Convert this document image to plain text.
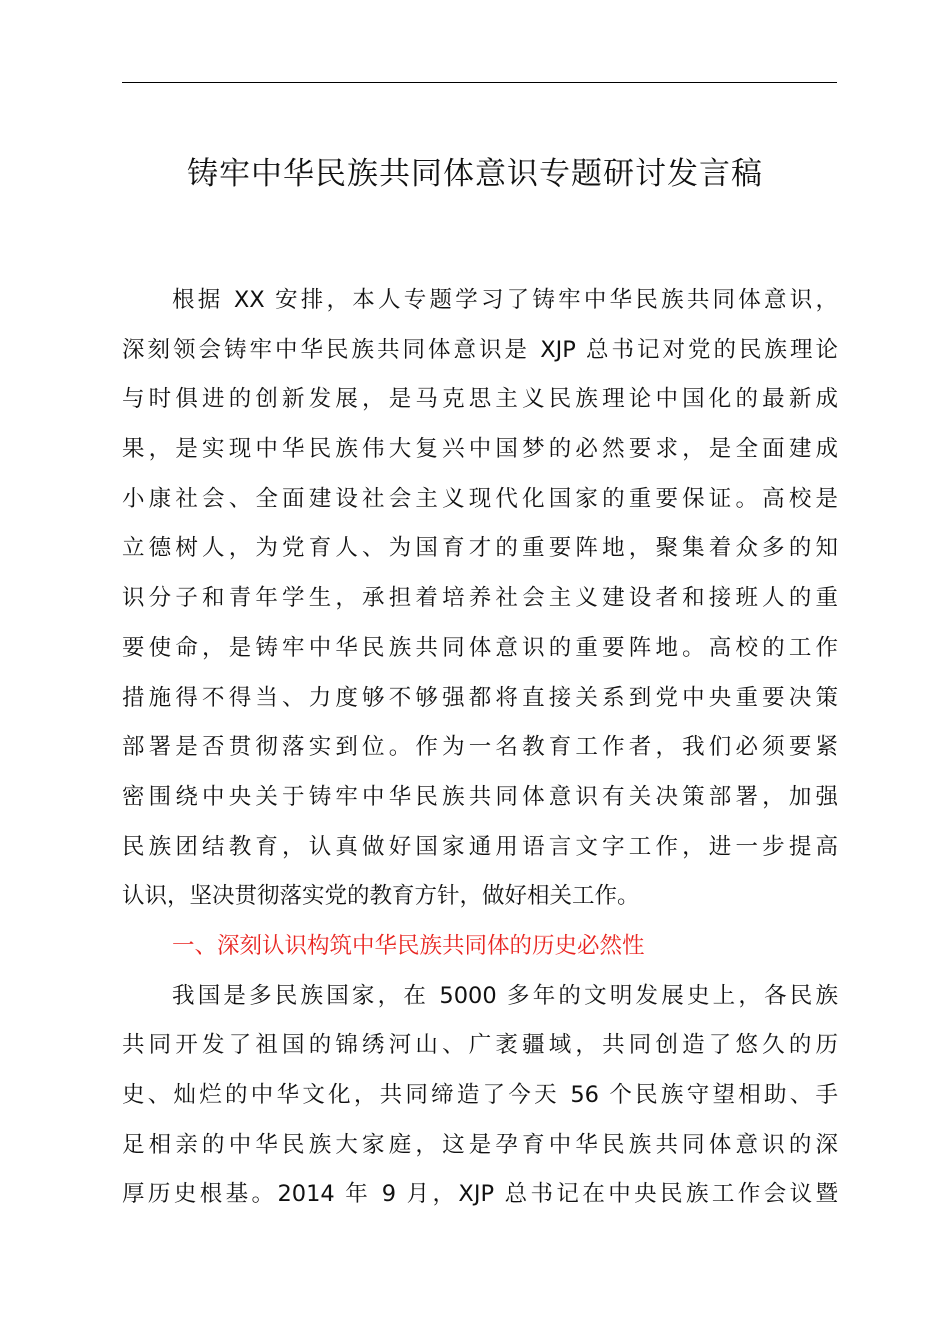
铸牢中华民族共同体意识专题研讨发言稿
根据 XX 安排，本人专题学习了铸牢中华民族共同体意识，
深刻领会铸牢中华民族共同体意识是 XJP 总书记对党的民族理论
与时俱进的创新发展，是马克思主义民族理论中国化的最新成
果，是实现中华民族伟大复兴中国梦的必然要求，是全面建成
小康社会、全面建设社会主义现代化国家的重要保证。高校是
立德树人，为党育人、为国育才的重要阵地，聚集着众多的知
识分子和青年学生，承担着培养社会主义建设者和接班人的重
要使命，是铸牢中华民族共同体意识的重要阵地。高校的工作
措施得不得当、力度够不够强都将直接关系到党中央重要决策
部署是否贯彻落实到位。作为一名教育工作者，我们必须要紧
密围绕中央关于铸牢中华民族共同体意识有关决策部署，加强
民族团结教育，认真做好国家通用语言文字工作，进一步提高
认识，坚决贯彻落实党的教育方针，做好相关工作。
一、深刻认识构筑中华民族共同体的历史必然性
我国是多民族国家，在 5000 多年的文明发展史上，各民族
共同开发了祖国的锦绣河山、广袤疆域，共同创造了悠久的历
史、灿烂的中华文化，共同缔造了今天 56 个民族守望相助、手
足相亲的中华民族大家庭，这是孕育中华民族共同体意识的深
厚历史根基。2014 年 9 月，XJP 总书记在中央民族工作会议暨
